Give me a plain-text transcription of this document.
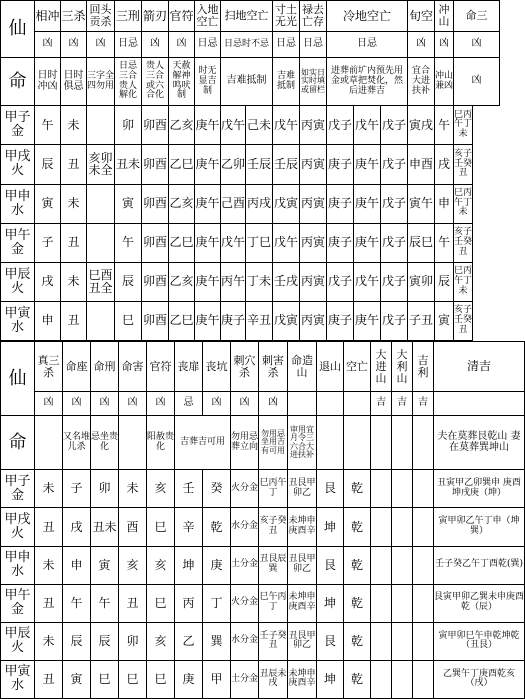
仙	相冲	三杀	回头贡杀	三刑	箭刃	官符	入地空亡	扫地空亡		寸土无光	禄去亡存	冷地空亡			旬空	冲山	命三
	凶	凶	凶	日忌	凶	凶	日忌	日忌时不忌		日忌	日忌	日忌			凶	凶	凶
命	日时冲凶	日时俱忌	三字全四勿用	日忌三合贵人解化	贵人三合或六合化	天赦解神鸣吠制	时无显吉制	吉难抵制		吉难抵制	如实日实时填或留栏	进葬前圹内预先用金或草把焚化，然后进葬吉			宜合大进扶补	冲山兼凶	凶

甲子
金	午	未		卯	卯酉	乙亥	庚午	戊午	己未	戊午	丙寅	戊子	戊午	戊子	寅戌	午	巳丙午丁未

甲戌
火	辰	丑	亥卯未全	丑未	卯酉	乙巳	庚午	乙卯	壬辰	壬辰	丙寅	庚子	庚午	戊子	申酉	戌	亥子壬癸丑

甲申
水	寅	未		寅	卯酉	乙亥	庚午	己酉	丙戌	戊寅	丙寅	庚子	庚午	戊子	寅午	申	巳丙午丁未

甲午
金	子	丑		午	卯酉	乙巳	庚午	戊午	丁巳	戊午	丙寅	庚子	庚午	戊子	辰巳	午	亥子壬癸丑

甲辰
火	戌	未	巳酉丑全	辰	卯酉	乙亥	庚午	丙午	丁未	壬戌	丙寅	戊子	戊午	戊子	寅卯	辰	巳丙午丁未

甲寅
水	申	丑		巳	卯酉	乙巳	庚午	庚子	辛丑	戊寅	丙寅	庚子	庚午	戊子	子丑	寅	亥子壬癸丑
仙	真三杀	命座	命刑	命害	官符	丧扉	丧坑	刺穴杀	刺害杀	命造山	退山	空亡	大进山	大利山	吉利	清吉
	凶	凶	凶	凶	凶	忌	凶	凶	凶				吉	吉	吉	
命		又名堆儿杀	忌坐贵化		阳赦贵化	吉葬吉可用		勿用忌葬立向	勿用忌坐用吉有可用	审用宜月令三六合大进扶补						夫在莫葬艮乾山 妻在莫葬巽坤山

甲子
金	未	子	卯	未	亥	壬	癸	火分金	巳丙午丁	丑艮甲卯乙	艮	乾				丑寅甲乙卯巽申 庚酉坤戌庚（坤）

甲戌
火	丑	戌	丑未	酉	巳	辛	乾	水分金	亥子癸丑	未坤申庚酉辛	坤	乾				寅甲卯乙午丁申（坤巽）

甲申
水	未	申	寅	亥	亥	坤	庚	土分金	丑艮辰巽	丑艮甲卯乙	艮	乾				壬子癸乙午丁酉乾(巽)

甲午
金	丑	午	午	丑	巳	丙	丁	火分金	巳午丙丁	未坤申庚酉辛	坤	乾				艮寅甲卯乙巽未申庚酉 乾（辰）

甲辰
火	未	辰	辰	卯	亥	乙	巽	水分金	壬子癸丑	丑艮甲卯乙	艮	乾				寅甲卯巳午申乾坤乾 （丑艮）

甲寅
水	丑	寅	巳	巳	巳	庚	甲	土分金	丑辰未戌	未坤申庚酉辛	坤	乾				乙巽午丁庚酉乾亥（戌）
